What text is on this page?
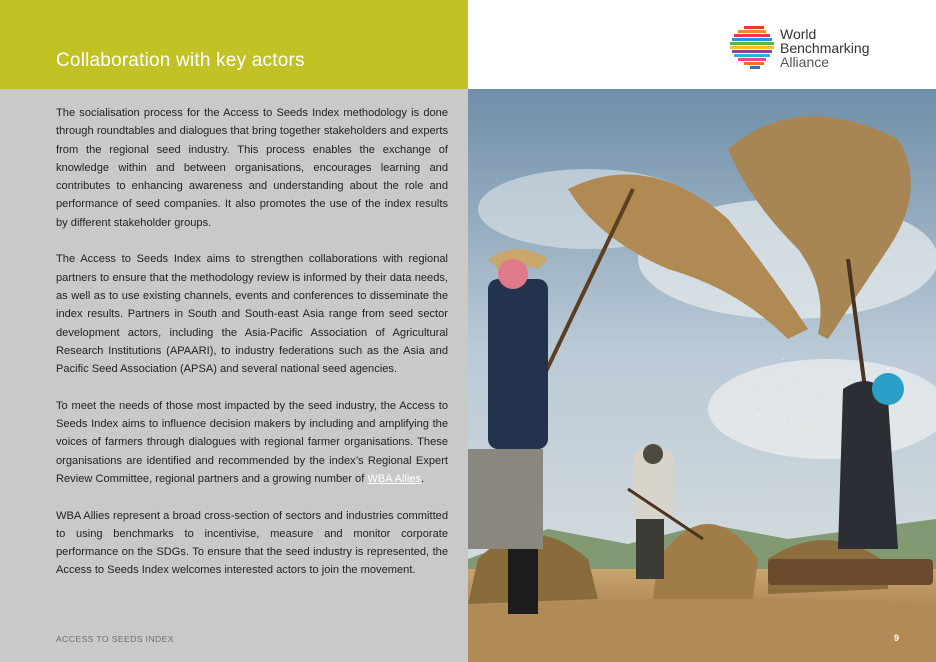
Collaboration with key actors

The socialisation process for the Access to Seeds Index methodology is done through roundtables and dialogues that bring together stakeholders and experts from the regional seed industry. This process enables the exchange of knowledge within and between organisations, encourages learning and contributes to enhancing awareness and understanding about the role and performance of seed companies. It also promotes the use of the index results by different stakeholder groups.

The Access to Seeds Index aims to strengthen collaborations with regional partners to ensure that the methodology review is informed by their data needs, as well as to use existing channels, events and conferences to disseminate the index results. Partners in South and South-east Asia range from seed sector development actors, including the Asia-Pacific Association of Agricultural Research Institutions (APAARI), to industry federations such as the Asia and Pacific Seed Association (APSA) and several national seed agencies.

To meet the needs of those most impacted by the seed industry, the Access to Seeds Index aims to influence decision makers by including and amplifying the voices of farmers through dialogues with regional farmer organisations. These organisations are identified and recommended by the index’s Regional Expert Review Committee, regional partners and a growing number of WBA Allies.

WBA Allies represent a broad cross-section of sectors and industries committed to using benchmarks to incentivise, measure and monitor corporate performance on the SDGs. To ensure that the seed industry is represented, the Access to Seeds Index welcomes interested actors to join the movement.

ACCESS TO SEEDS INDEX
World
Benchmarking
Alliance
9
